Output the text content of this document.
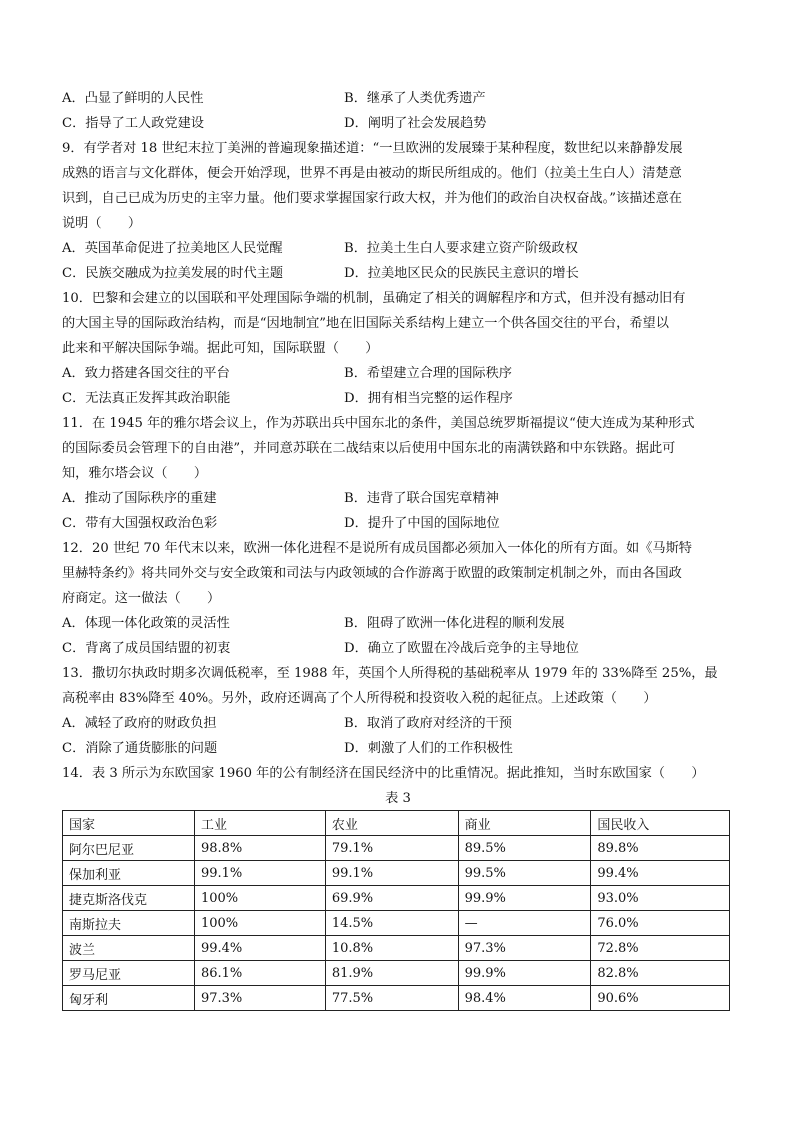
A．凸显了鲜明的人民性	B．继承了人类优秀遗产
C．指导了工人政党建设	D．阐明了社会发展趋势
9．有学者对 18 世纪末拉丁美洲的普遍现象描述道：“一旦欧洲的发展臻于某种程度，数世纪以来静静发展
成熟的语言与文化群体，便会开始浮现，世界不再是由被动的斯民所组成的。他们（拉美土生白人）清楚意
识到，自己已成为历史的主宰力量。他们要求掌握国家行政大权，并为他们的政治自决权奋战。”该描述意在
说明（　　）
A．英国革命促进了拉美地区人民觉醒	B．拉美土生白人要求建立资产阶级政权
C．民族交融成为拉美发展的时代主题	D．拉美地区民众的民族民主意识的增长
10．巴黎和会建立的以国联和平处理国际争端的机制，虽确定了相关的调解程序和方式，但并没有撼动旧有
的大国主导的国际政治结构，而是“因地制宜”地在旧国际关系结构上建立一个供各国交往的平台，希望以
此来和平解决国际争端。据此可知，国际联盟（　　）
A．致力搭建各国交往的平台	B．希望建立合理的国际秩序
C．无法真正发挥其政治职能	D．拥有相当完整的运作程序
11．在 1945 年的雅尔塔会议上，作为苏联出兵中国东北的条件，美国总统罗斯福提议“使大连成为某种形式
的国际委员会管理下的自由港”，并同意苏联在二战结束以后使用中国东北的南满铁路和中东铁路。据此可
知，雅尔塔会议（　　）
A．推动了国际秩序的重建	B．违背了联合国宪章精神
C．带有大国强权政治色彩	D．提升了中国的国际地位
12．20 世纪 70 年代末以来，欧洲一体化进程不是说所有成员国都必须加入一体化的所有方面。如《马斯特
里赫特条约》将共同外交与安全政策和司法与内政领域的合作游离于欧盟的政策制定机制之外，而由各国政
府商定。这一做法（　　）
A．体现一体化政策的灵活性	B．阻碍了欧洲一体化进程的顺利发展
C．背离了成员国结盟的初衷	D．确立了欧盟在冷战后竞争的主导地位
13．撒切尔执政时期多次调低税率，至 1988 年，英国个人所得税的基础税率从 1979 年的 33%降至 25%，最
高税率由 83%降至 40%。另外，政府还调高了个人所得税和投资收入税的起征点。上述政策（　　）
A．减轻了政府的财政负担	B．取消了政府对经济的干预
C．消除了通货膨胀的问题	D．刺激了人们的工作积极性
14．表 3 所示为东欧国家 1960 年的公有制经济在国民经济中的比重情况。据此推知，当时东欧国家（　　）
表 3
国家	工业	农业	商业	国民收入
阿尔巴尼亚	98.8%	79.1%	89.5%	89.8%
保加利亚	99.1%	99.1%	99.5%	99.4%
捷克斯洛伐克	100%	69.9%	99.9%	93.0%
南斯拉夫	100%	14.5%	—	76.0%
波兰	99.4%	10.8%	97.3%	72.8%
罗马尼亚	86.1%	81.9%	99.9%	82.8%
匈牙利	97.3%	77.5%	98.4%	90.6%
